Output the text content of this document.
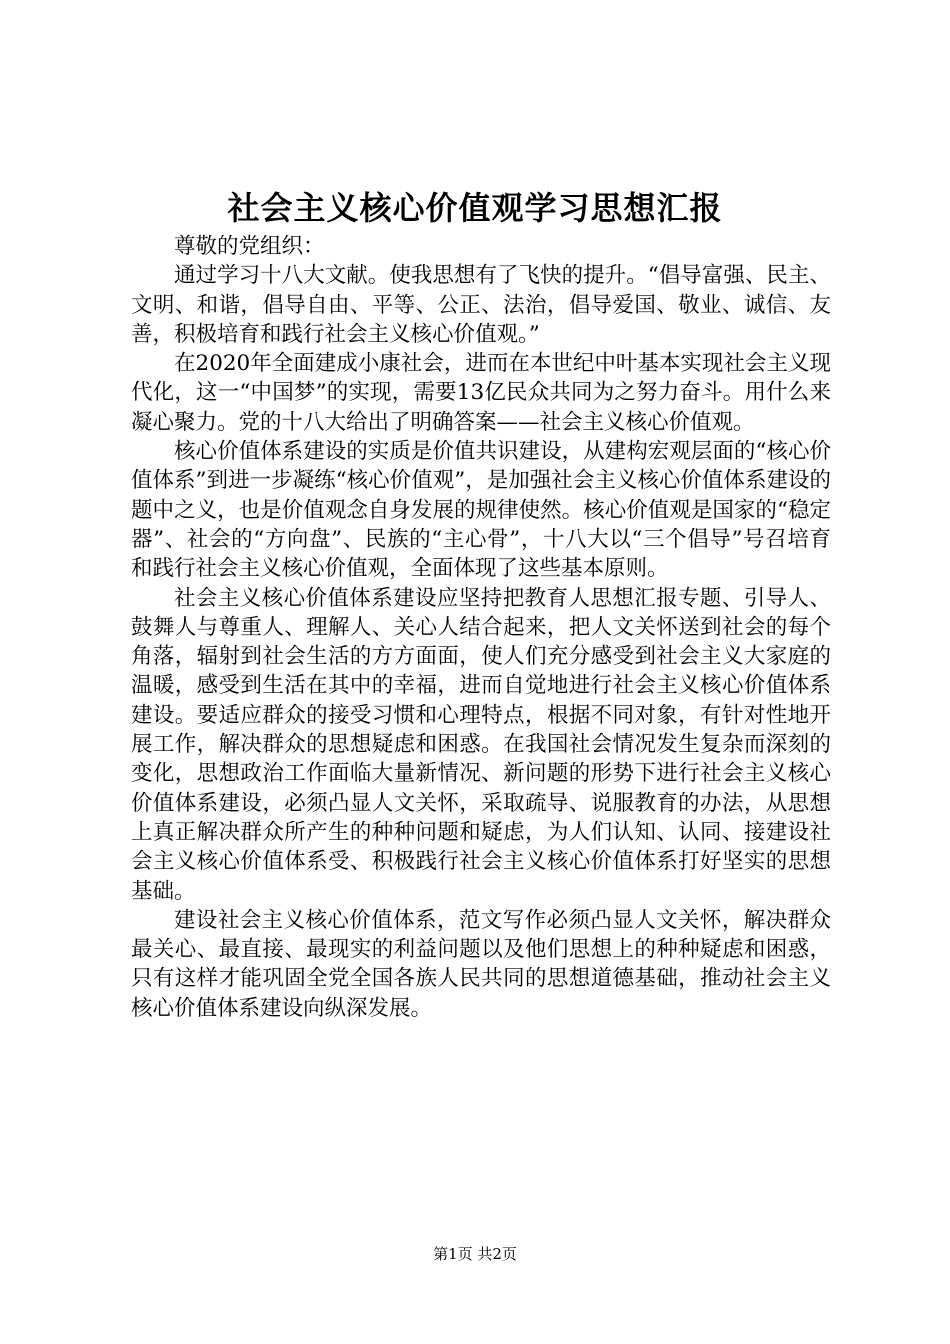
社会主义核心价值观学习思想汇报

尊敬的党组织：

通过学习十八大文献。使我思想有了飞快的提升。“倡导富强、民主、文明、和谐，倡导自由、平等、公正、法治，倡导爱国、敬业、诚信、友善，积极培育和践行社会主义核心价值观。”

在2020年全面建成小康社会，进而在本世纪中叶基本实现社会主义现代化，这一“中国梦”的实现，需要13亿民众共同为之努力奋斗。用什么来凝心聚力。党的十八大给出了明确答案——社会主义核心价值观。

核心价值体系建设的实质是价值共识建设，从建构宏观层面的“核心价值体系”到进一步凝练“核心价值观”，是加强社会主义核心价值体系建设的题中之义，也是价值观念自身发展的规律使然。核心价值观是国家的“稳定器”、社会的“方向盘”、民族的“主心骨”，十八大以“三个倡导”号召培育和践行社会主义核心价值观，全面体现了这些基本原则。

社会主义核心价值体系建设应坚持把教育人思想汇报专题、引导人、鼓舞人与尊重人、理解人、关心人结合起来，把人文关怀送到社会的每个角落，辐射到社会生活的方方面面，使人们充分感受到社会主义大家庭的温暖，感受到生活在其中的幸福，进而自觉地进行社会主义核心价值体系建设。要适应群众的接受习惯和心理特点，根据不同对象，有针对性地开展工作，解决群众的思想疑虑和困惑。在我国社会情况发生复杂而深刻的变化，思想政治工作面临大量新情况、新问题的形势下进行社会主义核心价值体系建设，必须凸显人文关怀，采取疏导、说服教育的办法，从思想上真正解决群众所产生的种种问题和疑虑，为人们认知、认同、接建设社会主义核心价值体系受、积极践行社会主义核心价值体系打好坚实的思想基础。

建设社会主义核心价值体系，范文写作必须凸显人文关怀，解决群众最关心、最直接、最现实的利益问题以及他们思想上的种种疑虑和困惑，只有这样才能巩固全党全国各族人民共同的思想道德基础，推动社会主义核心价值体系建设向纵深发展。

第1页 共2页
